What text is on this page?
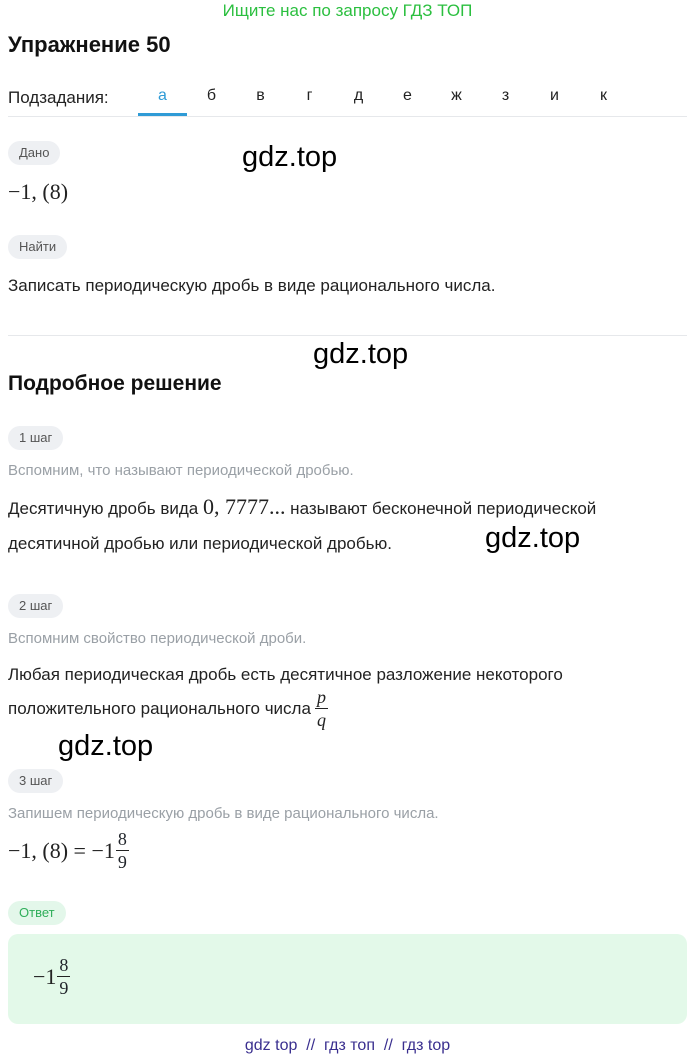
Ищите нас по запросу ГДЗ ТОП
Упражнение 50
Подзадания:	а	б	в	г	д	е	ж	з	и	к
Дано	gdz.top
−1, (8)
Найти
Записать периодическую дробь в виде рационального числа.
gdz.top
Подробное решение
1 шаг
Вспомним, что называют периодической дробью.
Десятичную дробь вида 0, 7777... называют бесконечной периодической
десятичной дробью или периодической дробью.	gdz.top
2 шаг
Вспомним свойство периодической дроби.
Любая периодическая дробь есть десятичное разложение некоторого
положительного рационального числа $\frac{p}{q}$
gdz.top
3 шаг
Запишем периодическую дробь в виде рационального числа.
−1, $(8) = -1 \frac{8}{9}$
Ответ
$-1 \frac{8}{9}$
gdz top  //  гдз топ  //  гдз top
